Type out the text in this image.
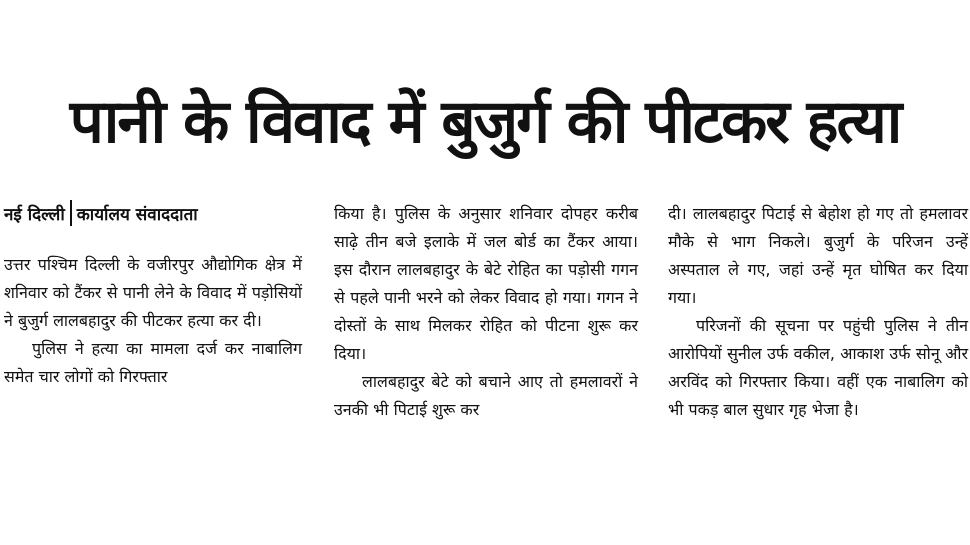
पानी के विवाद में बुजुर्ग की पीटकर हत्या
नई दिल्ली कार्यालय संवाददाता

उत्तर पश्चिम दिल्ली के वजीरपुर औद्योगिक क्षेत्र में शनिवार को टैंकर से पानी लेने के विवाद में पड़ोसियों ने बुजुर्ग लालबहादुर की पीटकर हत्या कर दी।

पुलिस ने हत्या का मामला दर्ज कर नाबालिग समेत चार लोगों को गिरफ्तार

किया है। पुलिस के अनुसार शनिवार दोपहर करीब साढ़े तीन बजे इलाके में जल बोर्ड का टैंकर आया। इस दौरान लालबहादुर के बेटे रोहित का पड़ोसी गगन से पहले पानी भरने को लेकर विवाद हो गया। गगन ने दोस्तों के साथ मिलकर रोहित को पीटना शुरू कर दिया।

लालबहादुर बेटे को बचाने आए तो हमलावरों ने उनकी भी पिटाई शुरू कर

दी। लालबहादुर पिटाई से बेहोश हो गए तो हमलावर मौके से भाग निकले। बुजुर्ग के परिजन उन्हें अस्पताल ले गए, जहां उन्हें मृत घोषित कर दिया गया।

परिजनों की सूचना पर पहुंची पुलिस ने तीन आरोपियों सुनील उर्फ वकील, आकाश उर्फ सोनू और अरविंद को गिरफ्तार किया। वहीं एक नाबालिग को भी पकड़ बाल सुधार गृह भेजा है।
